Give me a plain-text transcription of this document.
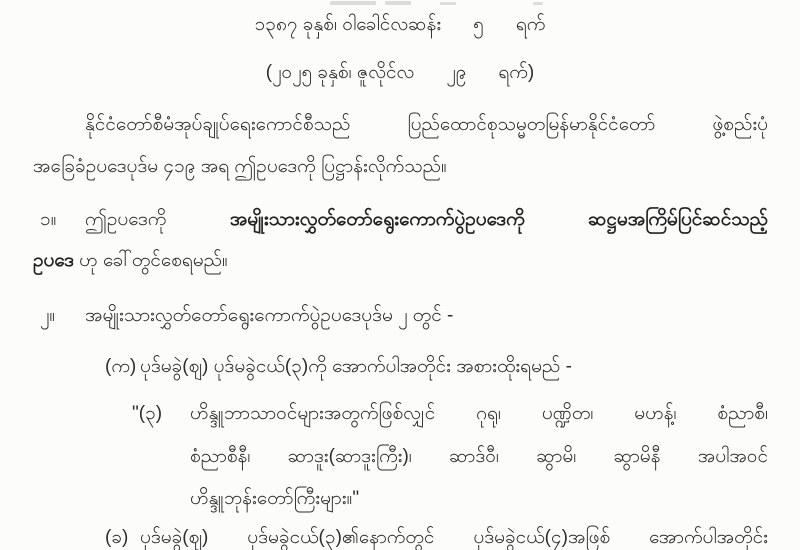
၁၃၈၇ ခုနှစ်၊ ဝါခေါင်လဆန်း ၅ ရက်
(၂၀၂၅ ခုနှစ်၊ ဇူလိုင်လ ၂၉ ရက်)
နိုင်ငံတော်စီမံအုပ်ချုပ်ရေးကောင်စီသည် ပြည်ထောင်စုသမ္မတမြန်မာနိုင်ငံတော် ဖွဲ့စည်းပုံ
အခြေခံဥပဒေပုဒ်မ ၄၁၉ အရ ဤဥပဒေကို ပြဋ္ဌာန်းလိုက်သည်။
၁။	ဤဥပဒေကို	အမျိုးသားလွှတ်တော်ရွေးကောက်ပွဲဥပဒေကို ဆဋ္ဌမအကြိမ်ပြင်ဆင်သည့်
ဥပဒေ ဟု ခေါ်တွင်စေရမည်။
၂။	အမျိုးသားလွှတ်တော်ရွေးကောက်ပွဲဥပဒေပုဒ်မ ၂ တွင် -
(က) ပုဒ်မခွဲ(ဈ) ပုဒ်မခွဲငယ်(၃)ကို အောက်ပါအတိုင်း အစားထိုးရမည် -
"(၃)	ဟိန္ဒူဘာသာဝင်များအတွက်ဖြစ်လျှင် ဂုရု၊ ပဏ္ဍိတ၊ မဟန့်၊ စံညာစီ၊
စံညာစီနီ၊ ဆာဒူး(ဆာဒူးကြီး)၊ ဆာဒ်ဝီ၊ ဆွာမိ၊ ဆွာမိနီ အပါအဝင်
ဟိန္ဒူဘုန်းတော်ကြီးများ။"
(ခ) ပုဒ်မခွဲ(ဈ) ပုဒ်မခွဲငယ်(၃)၏နောက်တွင် ပုဒ်မခွဲငယ်(၄)အဖြစ် အောက်ပါအတိုင်း
